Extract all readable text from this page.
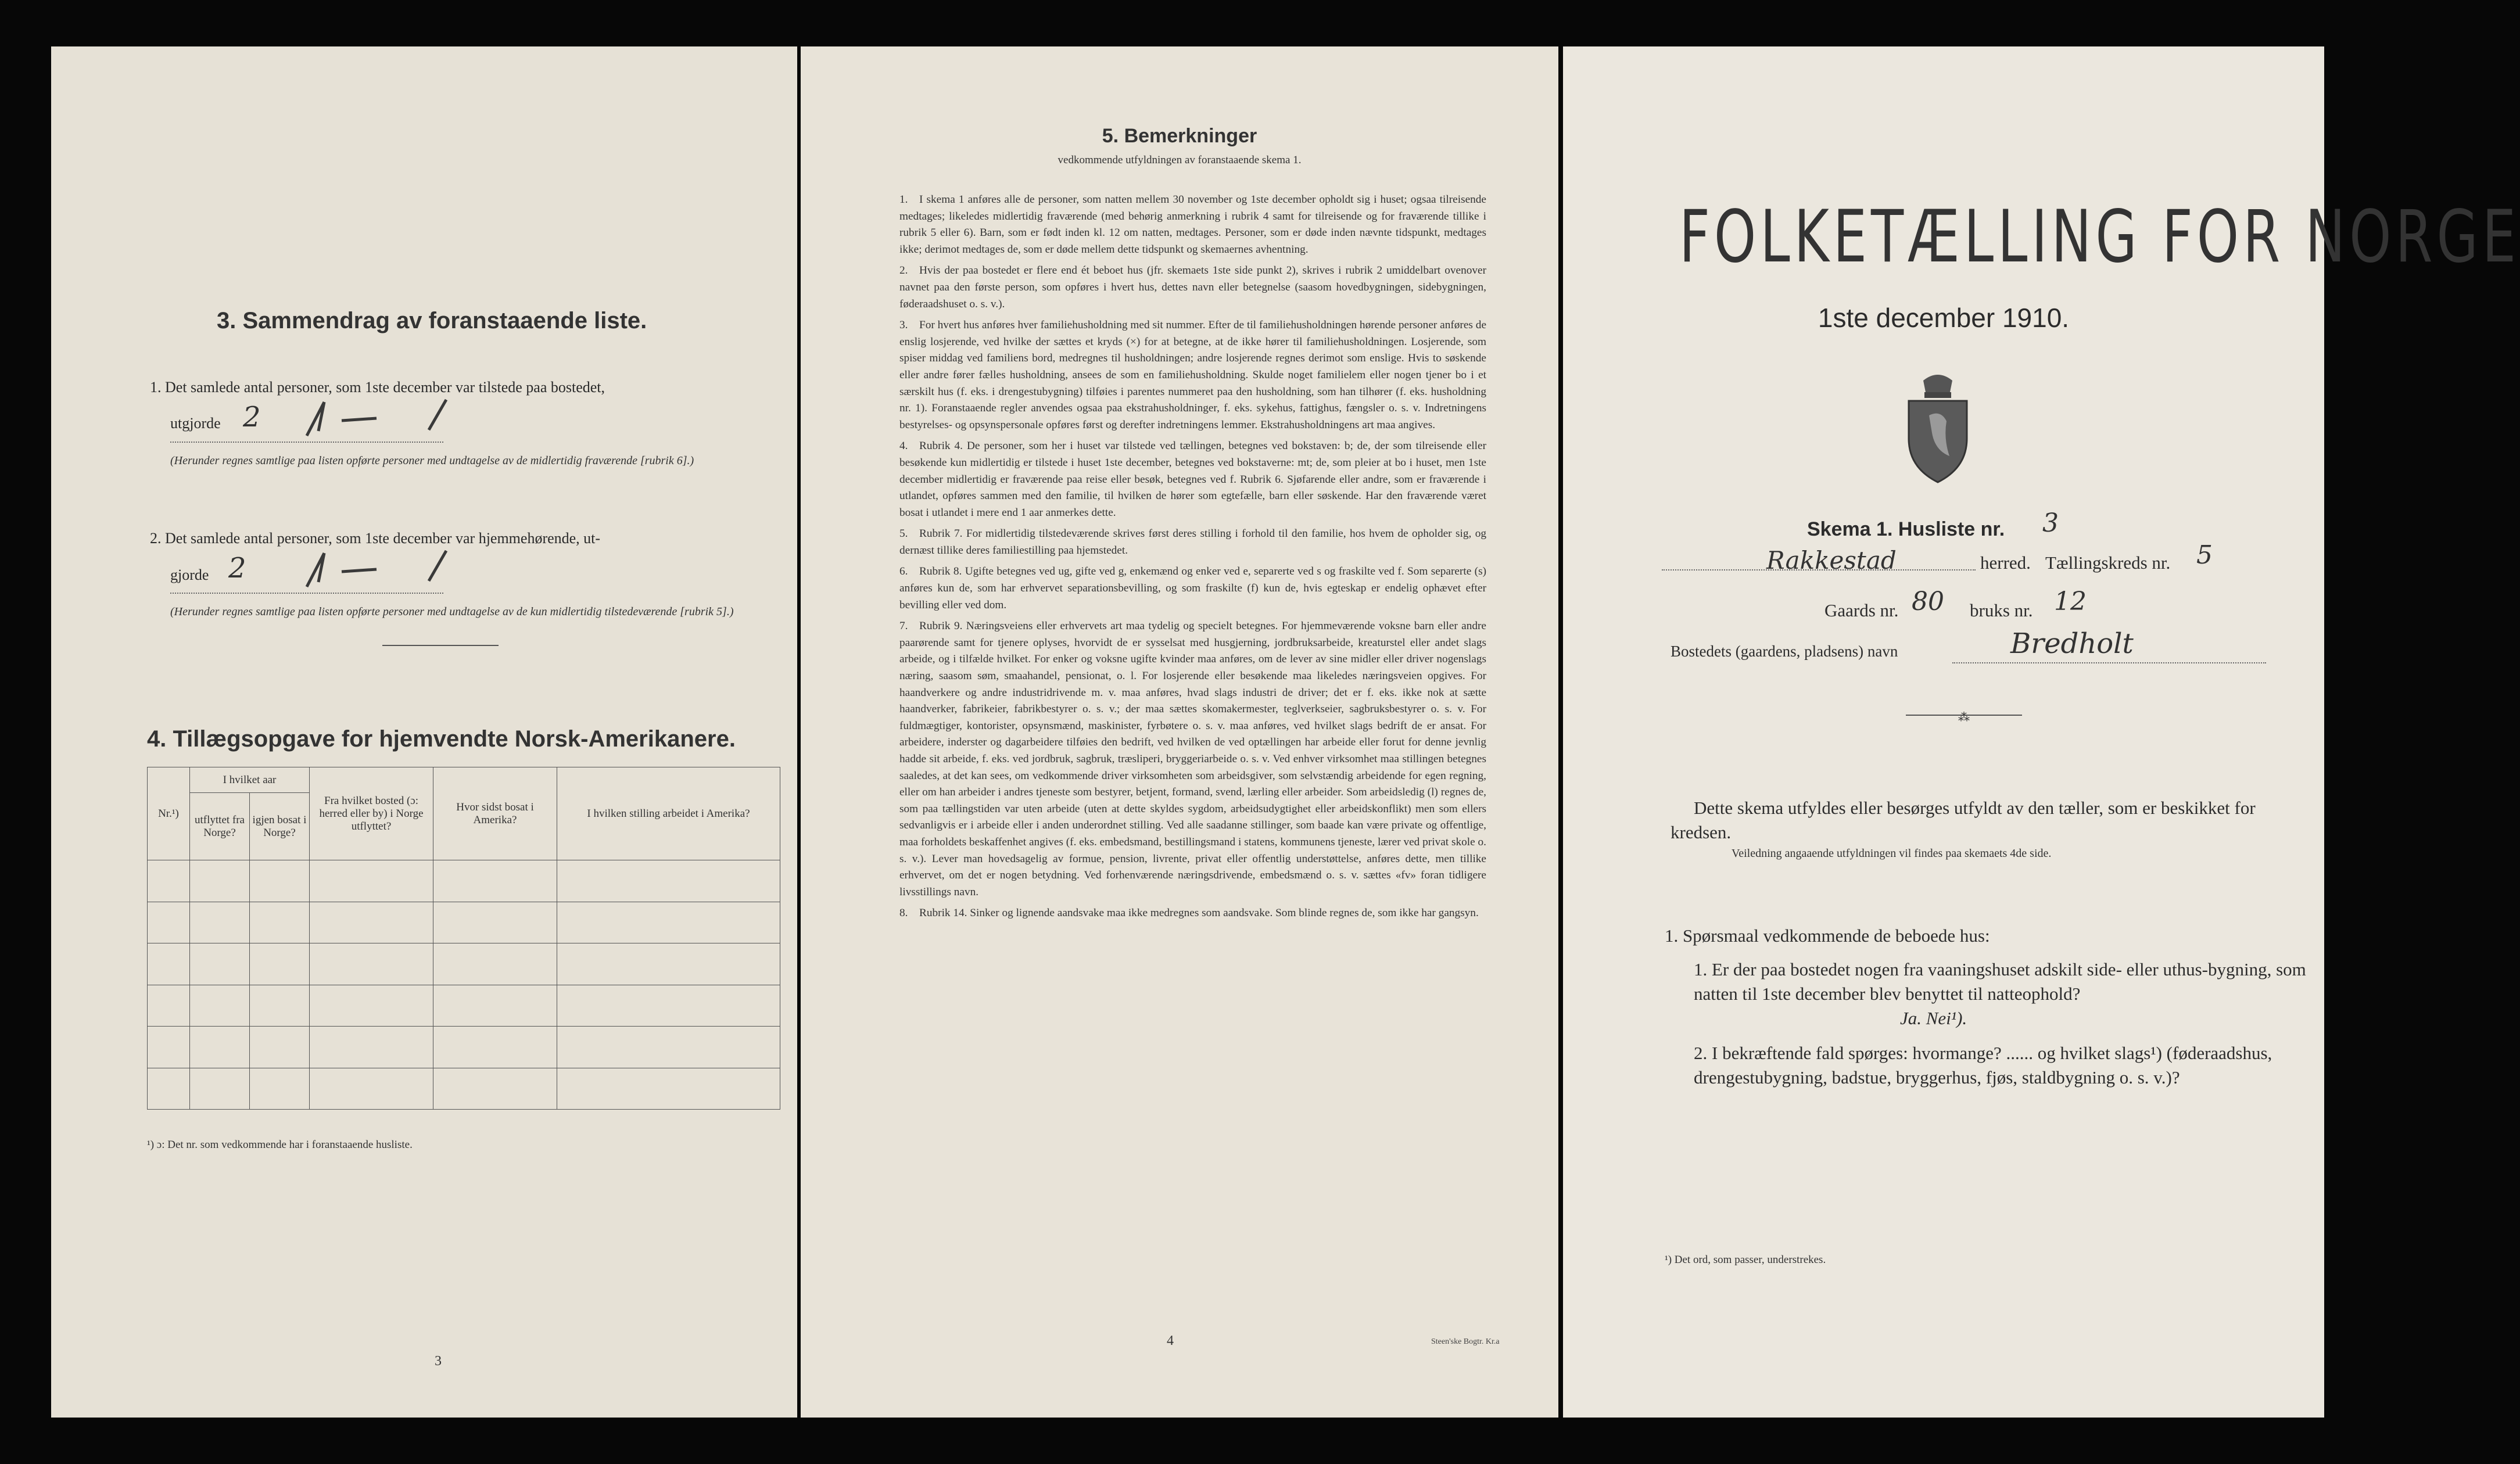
3. Sammendrag av foranstaaende liste.
1. Det samlede antal personer, som 1ste december var tilstede paa bostedet,
utgjorde 2
(Herunder regnes samtlige paa listen opførte personer med undtagelse av de midlertidig fraværende [rubrik 6].)
2. Det samlede antal personer, som 1ste december var hjemmehørende, ut-
gjorde 2
(Herunder regnes samtlige paa listen opførte personer med undtagelse av de kun midlertidig tilstedeværende [rubrik 5].)
4. Tillægsopgave for hjemvendte Norsk-Amerikanere.
Nr.¹)	I hvilket aar		Fra hvilket bosted (ɔ: herred eller by) i Norge utflyttet?	Hvor sidst bosat i Amerika?	I hvilken stilling arbeidet i Amerika?
	utflyttet fra Norge?	igjen bosat i Norge?			

¹) ɔ: Det nr. som vedkommende har i foranstaaende husliste.
3
5. Bemerkninger
vedkommende utfyldningen av foranstaaende skema 1.

1. I skema 1 anføres alle de personer, som natten mellem 30 november og 1ste december opholdt sig i huset; ogsaa tilreisende medtages; likeledes midlertidig fraværende (med behørig anmerkning i rubrik 4 samt for tilreisende og for fraværende tillike i rubrik 5 eller 6). Barn, som er født inden kl. 12 om natten, medtages. Personer, som er døde inden nævnte tidspunkt, medtages ikke; derimot medtages de, som er døde mellem dette tidspunkt og skemaernes avhentning.

2. Hvis der paa bostedet er flere end ét beboet hus (jfr. skemaets 1ste side punkt 2), skrives i rubrik 2 umiddelbart ovenover navnet paa den første person, som opføres i hvert hus, dettes navn eller betegnelse (saasom hovedbygningen, sidebygningen, føderaadshuset o. s. v.).

3. For hvert hus anføres hver familiehusholdning med sit nummer. Efter de til familiehusholdningen hørende personer anføres de enslig losjerende, ved hvilke der sættes et kryds (×) for at betegne, at de ikke hører til familiehusholdningen. Losjerende, som spiser middag ved familiens bord, medregnes til husholdningen; andre losjerende regnes derimot som enslige. Hvis to søskende eller andre fører fælles husholdning, ansees de som en familiehusholdning. Skulde noget familielem eller nogen tjener bo i et særskilt hus (f. eks. i drengestubygning) tilføies i parentes nummeret paa den husholdning, som han tilhører (f. eks. husholdning nr. 1). Foranstaaende regler anvendes ogsaa paa ekstrahusholdninger, f. eks. sykehus, fattighus, fængsler o. s. v. Indretningens bestyrelses- og opsynspersonale opføres først og derefter indretningens lemmer. Ekstrahusholdningens art maa angives.

4. Rubrik 4. De personer, som her i huset var tilstede ved tællingen, betegnes ved bokstaven: b; de, der som tilreisende eller besøkende kun midlertidig er tilstede i huset 1ste december, betegnes ved bokstaverne: mt; de, som pleier at bo i huset, men 1ste december midlertidig er fraværende paa reise eller besøk, betegnes ved f. Rubrik 6. Sjøfarende eller andre, som er fraværende i utlandet, opføres sammen med den familie, til hvilken de hører som egtefælle, barn eller søskende. Har den fraværende været bosat i utlandet i mere end 1 aar anmerkes dette.

5. Rubrik 7. For midlertidig tilstedeværende skrives først deres stilling i forhold til den familie, hos hvem de opholder sig, og dernæst tillike deres familiestilling paa hjemstedet.

6. Rubrik 8. Ugifte betegnes ved ug, gifte ved g, enkemænd og enker ved e, separerte ved s og fraskilte ved f. Som separerte (s) anføres kun de, som har erhvervet separationsbevilling, og som fraskilte (f) kun de, hvis egteskap er endelig ophævet efter bevilling eller ved dom.

7. Rubrik 9. Næringsveiens eller erhvervets art maa tydelig og specielt betegnes. For hjemmeværende voksne barn eller andre paarørende samt for tjenere oplyses, hvorvidt de er sysselsat med husgjerning, jordbruksarbeide, kreaturstel eller andet slags arbeide, og i tilfælde hvilket. For enker og voksne ugifte kvinder maa anføres, om de lever av sine midler eller driver nogenslags næring, saasom søm, smaahandel, pensionat, o. l. For losjerende eller besøkende maa likeledes næringsveien opgives. For haandverkere og andre industridrivende m. v. maa anføres, hvad slags industri de driver; det er f. eks. ikke nok at sætte haandverker, fabrikeier, fabrikbestyrer o. s. v.; der maa sættes skomakermester, teglverkseier, sagbruksbestyrer o. s. v. For fuldmægtiger, kontorister, opsynsmænd, maskinister, fyrbøtere o. s. v. maa anføres, ved hvilket slags bedrift de er ansat. For arbeidere, inderster og dagarbeidere tilføies den bedrift, ved hvilken de ved optællingen har arbeide eller forut for denne jevnlig hadde sit arbeide, f. eks. ved jordbruk, sagbruk, træsliperi, bryggeriarbeide o. s. v. Ved enhver virksomhet maa stillingen betegnes saaledes, at det kan sees, om vedkommende driver virksomheten som arbeidsgiver, som selvstændig arbeidende for egen regning, eller om han arbeider i andres tjeneste som bestyrer, betjent, formand, svend, lærling eller arbeider. Som arbeidsledig (l) regnes de, som paa tællingstiden var uten arbeide (uten at dette skyldes sygdom, arbeidsudygtighet eller arbeidskonflikt) men som ellers sedvanligvis er i arbeide eller i anden underordnet stilling. Ved alle saadanne stillinger, som baade kan være private og offentlige, maa forholdets beskaffenhet angives (f. eks. embedsmand, bestillingsmand i statens, kommunens tjeneste, lærer ved privat skole o. s. v.). Lever man hovedsagelig av formue, pension, livrente, privat eller offentlig understøttelse, anføres dette, men tillike erhvervet, om det er nogen betydning. Ved forhenværende næringsdrivende, embedsmænd o. s. v. sættes «fv» foran tidligere livsstillings navn.

8. Rubrik 14. Sinker og lignende aandsvake maa ikke medregnes som aandsvake. Som blinde regnes de, som ikke har gangsyn.

4	Steen'ske Bogtr. Kr.a
FOLKETÆLLING FOR NORGE
1ste december 1910.
Skema 1. Husliste nr. 3
Rakkestad	herred. Tællingskreds nr. 5
Gaards nr. 80 bruks nr. 12
Bostedets (gaardens, pladsens) navn	Bredholt
⁂
Dette skema utfyldes eller besørges utfyldt av den tæller, som er beskikket for kredsen.
Veiledning angaaende utfyldningen vil findes paa skemaets 4de side.
1. Spørsmaal vedkommende de beboede hus:
1. Er der paa bostedet nogen fra vaaningshuset adskilt side- eller uthus-bygning, som natten til 1ste december blev benyttet til natteophold?
Ja. Nei¹).
2. I bekræftende fald spørges: hvormange? ...... og hvilket slags¹) (føderaadshus, drengestubygning, badstue, bryggerhus, fjøs, staldbygning o. s. v.)?
¹) Det ord, som passer, understrekes.
